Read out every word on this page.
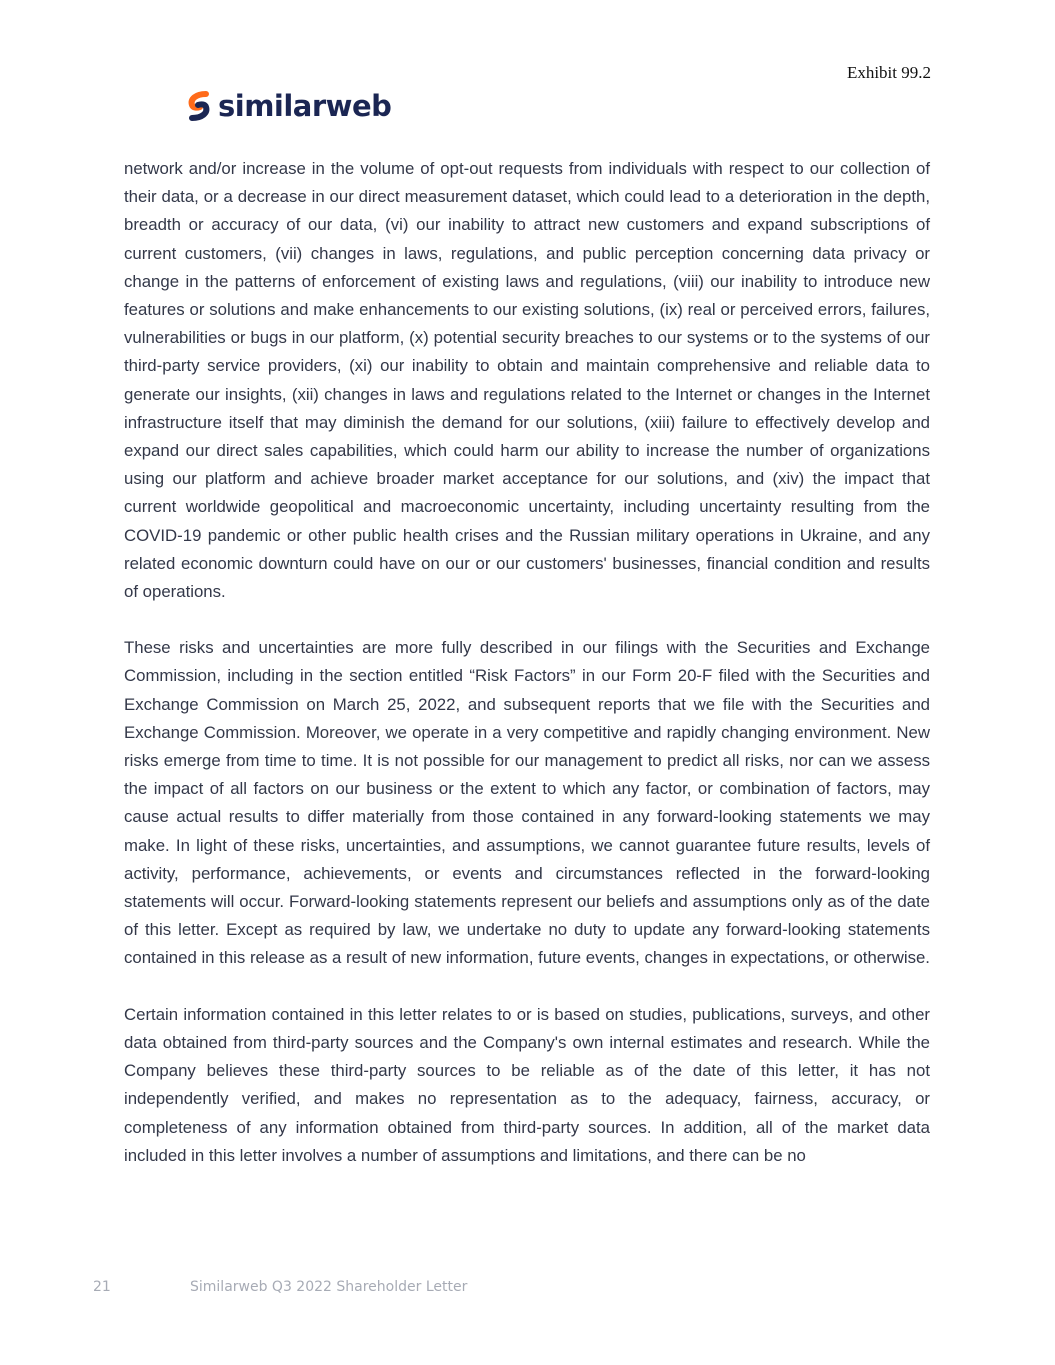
Exhibit 99.2
similarweb

network and/or increase in the volume of opt-out requests from individuals with respect to our collection of their data, or a decrease in our direct measurement dataset, which could lead to a deterioration in the depth, breadth or accuracy of our data, (vi) our inability to attract new customers and expand subscriptions of current customers, (vii) changes in laws, regulations, and public perception concerning data privacy or change in the patterns of enforcement of existing laws and regulations, (viii) our inability to introduce new features or solutions and make enhancements to our existing solutions, (ix) real or perceived errors, failures, vulnerabilities or bugs in our platform, (x) potential security breaches to our systems or to the systems of our third-party service providers, (xi) our inability to obtain and maintain comprehensive and reliable data to generate our insights, (xii) changes in laws and regulations related to the Internet or changes in the Internet infrastructure itself that may diminish the demand for our solutions, (xiii) failure to effectively develop and expand our direct sales capabilities, which could harm our ability to increase the number of organizations using our platform and achieve broader market acceptance for our solutions, and (xiv) the impact that current worldwide geopolitical and macroeconomic uncertainty, including uncertainty resulting from the COVID-19 pandemic or other public health crises and the Russian military operations in Ukraine, and any related economic downturn could have on our or our customers' businesses, financial condition and results of operations.

These risks and uncertainties are more fully described in our filings with the Securities and Exchange Commission, including in the section entitled “Risk Factors” in our Form 20-F filed with the Securities and Exchange Commission on March 25, 2022, and subsequent reports that we file with the Securities and Exchange Commission. Moreover, we operate in a very competitive and rapidly changing environment. New risks emerge from time to time. It is not possible for our management to predict all risks, nor can we assess the impact of all factors on our business or the extent to which any factor, or combination of factors, may cause actual results to differ materially from those contained in any forward-looking statements we may make. In light of these risks, uncertainties, and assumptions, we cannot guarantee future results, levels of activity, performance, achievements, or events and circumstances reflected in the forward-looking statements will occur. Forward-looking statements represent our beliefs and assumptions only as of the date of this letter. Except as required by law, we undertake no duty to update any forward-looking statements contained in this release as a result of new information, future events, changes in expectations, or otherwise.

Certain information contained in this letter relates to or is based on studies, publications, surveys, and other data obtained from third-party sources and the Company's own internal estimates and research. While the Company believes these third-party sources to be reliable as of the date of this letter, it has not independently verified, and makes no representation as to the adequacy, fairness, accuracy, or completeness of any information obtained from third-party sources. In addition, all of the market data included in this letter involves a number of assumptions and limitations, and there can be no

21	Similarweb Q3 2022 Shareholder Letter
